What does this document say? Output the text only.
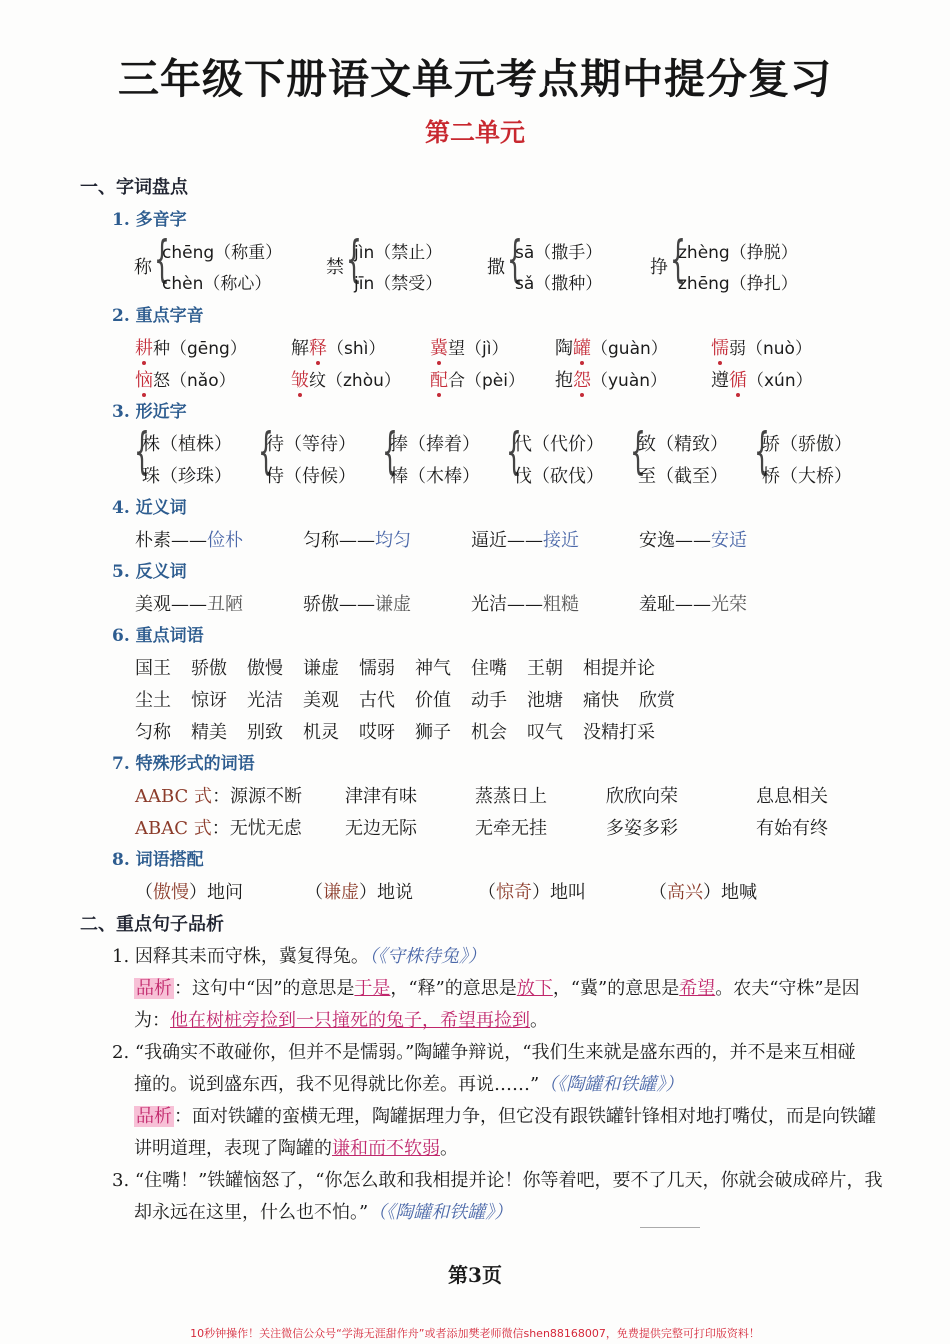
三年级下册语文单元考点期中提分复习
第二单元
一、字词盘点
1. 多音字
称 {
chēng（称重）
chèn（称心）
禁 {
jìn（禁止）
jīn（禁受）
撒 {
sā（撒手）
sǎ（撒种）
挣 {
zhèng（挣脱）
zhēng（挣扎）
2. 重点字音
耕种（gēng） 解释（shì） 冀望（jì）	陶罐（guàn） 懦弱（nuò）
恼怒（nǎo）	皱纹（zhòu） 配合（pèi） 抱怨（yuàn） 遵循（xún）
3. 形近字
{
株（植株）
珠（珍珠） {
待（等待）
侍（侍候） {
捧（捧着）
棒（木棒） {
代（代价）
伐（砍伐） {
致（精致）
至（截至） {
骄（骄傲）
桥（大桥）
4. 近义词
朴素——俭朴	匀称——均匀	逼近——接近	安逸——安适
5. 反义词
美观——丑陋	骄傲——谦虚	光洁——粗糙	羞耻——光荣
6. 重点词语
国王 骄傲 傲慢 谦虚 懦弱 神气 住嘴 王朝 相提并论
尘土 惊讶 光洁 美观 古代 价值 动手 池塘 痛快 欣赏
匀称 精美 别致 机灵 哎呀 狮子 机会 叹气 没精打采
7. 特殊形式的词语
AABC 式：源源不断 津津有味	蒸蒸日上	欣欣向荣	息息相关
ABAC 式：无忧无虑 无边无际	无牵无挂	多姿多彩	有始有终
8. 词语搭配
（傲慢）地问	（谦虚）地说	（惊奇）地叫	（高兴）地喊
二、重点句子品析
1. 因释其耒而守株，冀复得兔。（《守株待兔》）
品析 ：这句中“因”的意思是于是，“释”的意思是放下，“冀”的意思是希望。农夫“守株”是因
为：他在树桩旁捡到一只撞死的兔子，希望再捡到。
2. “我确实不敢碰你，但并不是懦弱。”陶罐争辩说，“我们生来就是盛东西的，并不是来互相碰
撞的。说到盛东西，我不见得就比你差。再说……”（《陶罐和铁罐》）
品析 ：面对铁罐的蛮横无理，陶罐据理力争，但它没有跟铁罐针锋相对地打嘴仗，而是向铁罐
讲明道理，表现了陶罐的谦和而不软弱。
3. “住嘴！”铁罐恼怒了，“你怎么敢和我相提并论！你等着吧，要不了几天，你就会破成碎片，我
却永远在这里，什么也不怕。”（《陶罐和铁罐》）
第3页
10秒钟操作！关注微信公众号“学海无涯甜作舟”或者添加樊老师微信shen88168007，免费提供完整可打印版资料！
